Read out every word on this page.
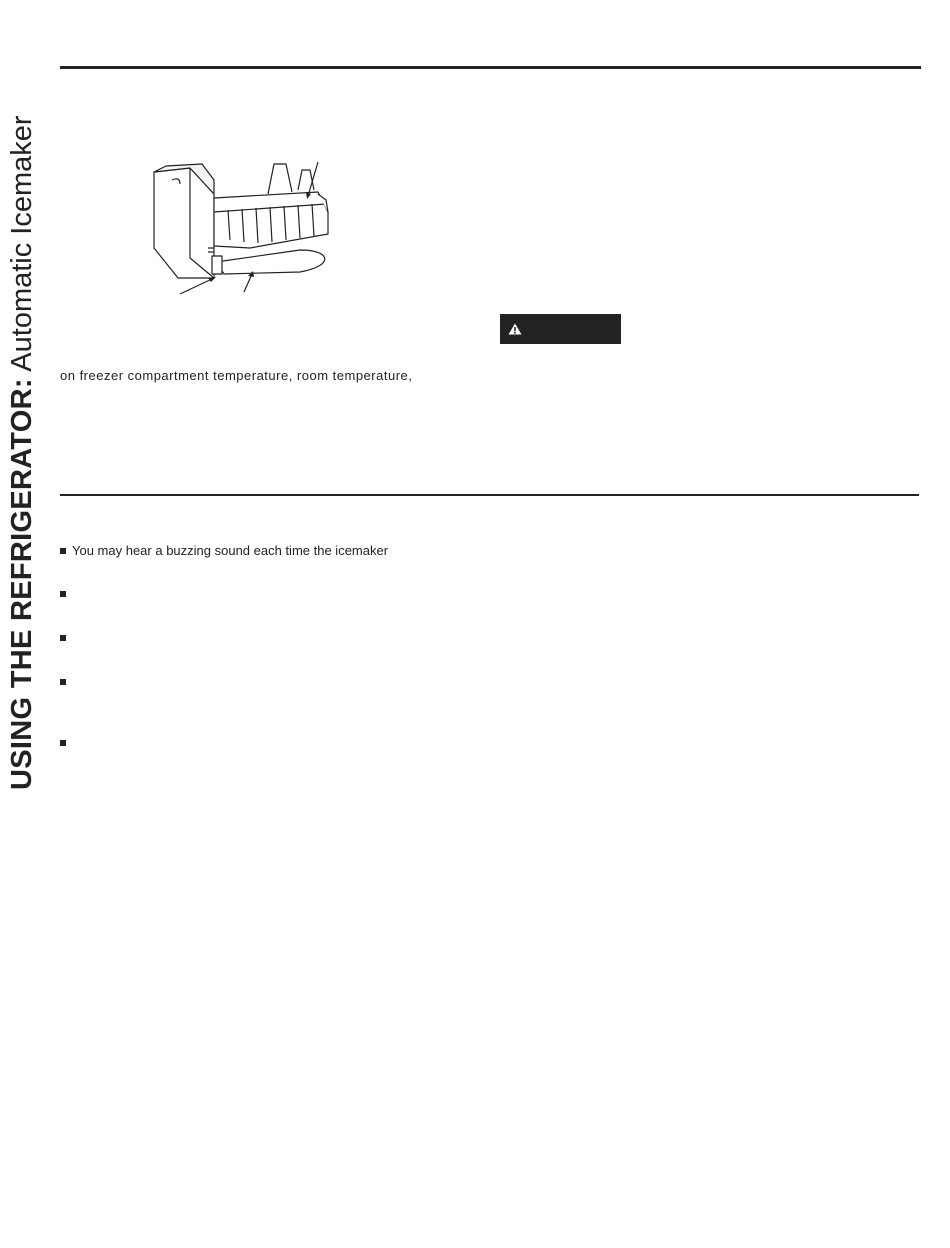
USING THE REFRIGERATOR: Automatic Icemaker on freezer compartment temperature, room temperature,
You may hear a buzzing sound each time the icemaker
